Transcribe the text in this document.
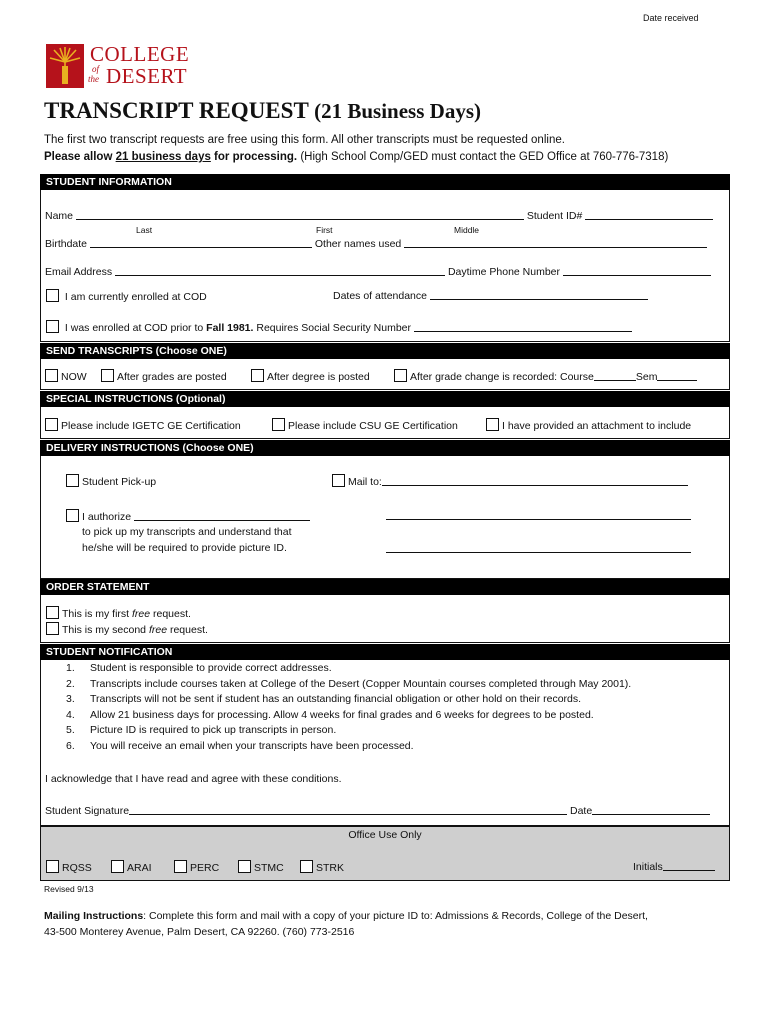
Date received
COLLEGE
of
the DESERT
TRANSCRIPT REQUEST (21 Business Days)
The first two transcript requests are free using this form. All other transcripts must be requested online.
Please allow 21 business days for processing. (High School Comp/GED must contact the GED Office at 760-776-7318)
STUDENT INFORMATION
Name	Student ID#
Last	First	Middle
Birthdate	Other names used
Email Address	Daytime Phone Number
I am currently enrolled at COD	Dates of attendance
I was enrolled at COD prior to Fall 1981. Requires Social Security Number
SEND TRANSCRIPTS (Choose ONE)
NOW	After grades are posted	After degree is posted	After grade change is recorded: Course	Sem
SPECIAL INSTRUCTIONS (Optional)
Please include IGETC GE Certification	Please include CSU GE Certification	I have provided an attachment to include
DELIVERY INSTRUCTIONS (Choose ONE)
Student Pick-up	Mail to:
I authorize
to pick up my transcripts and understand that
he/she will be required to provide picture ID.
ORDER STATEMENT
This is my first free request.
This is my second free request.
STUDENT NOTIFICATION
1. Student is responsible to provide correct addresses.
2. Transcripts include courses taken at College of the Desert (Copper Mountain courses completed through May 2001).
3. Transcripts will not be sent if student has an outstanding financial obligation or other hold on their records.
4. Allow 21 business days for processing. Allow 4 weeks for final grades and 6 weeks for degrees to be posted.
5. Picture ID is required to pick up transcripts in person.
6. You will receive an email when your transcripts have been processed.
I acknowledge that I have read and agree with these conditions.
Student Signature	Date
Office Use Only
RQSS	ARAI	PERC	STMC	STRK	Initials
Revised 9/13
Mailing Instructions: Complete this form and mail with a copy of your picture ID to: Admissions & Records, College of the Desert,
43-500 Monterey Avenue, Palm Desert, CA 92260. (760) 773-2516
